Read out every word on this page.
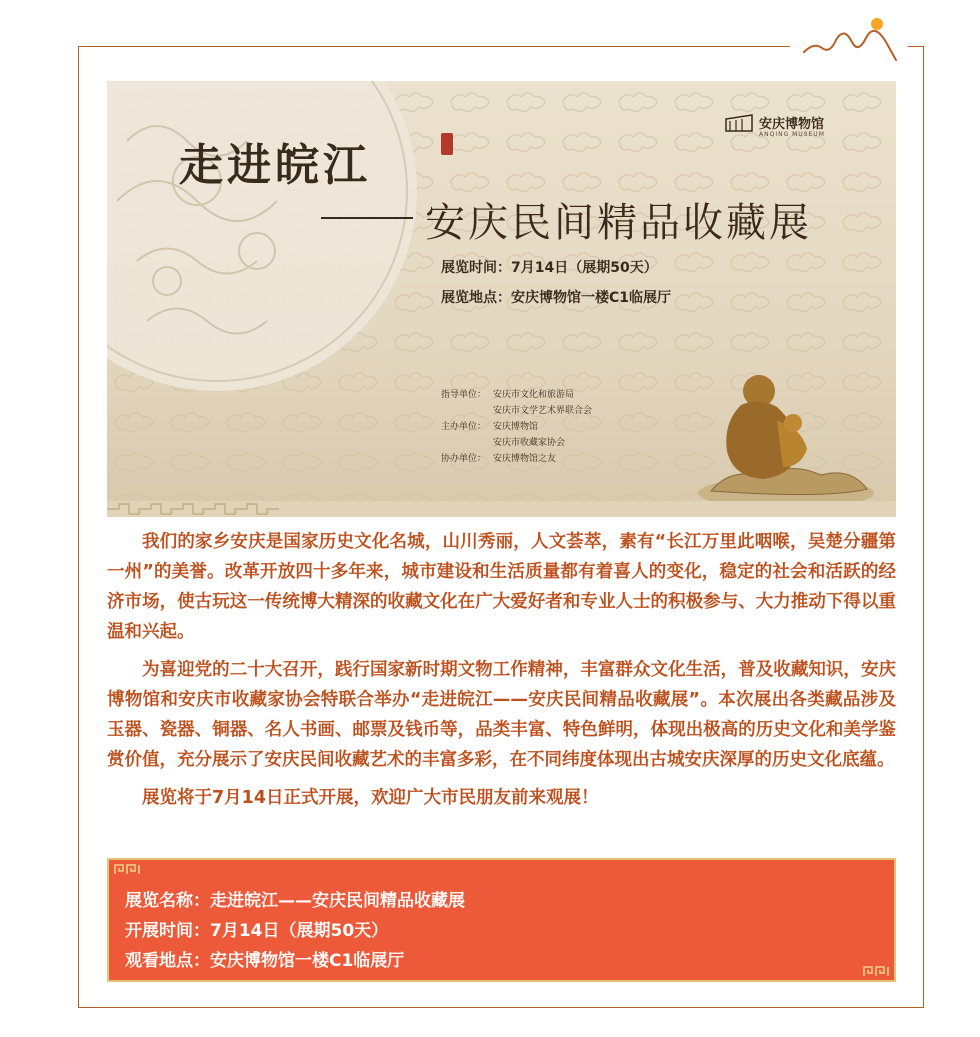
走进皖江
安庆民间精品收藏展
展览时间：7月14日（展期50天）
展览地点：安庆博物馆一楼C1临展厅
指导单位： 安庆市文化和旅游局
安庆市文学艺术界联合会
主办单位： 安庆博物馆
安庆市收藏家协会
协办单位： 安庆博物馆之友
安庆博物馆
ANQING MUSEUM

我们的家乡安庆是国家历史文化名城，山川秀丽，人文荟萃，素有“长江万里此咽喉，吴楚分疆第一州”的美誉。改革开放四十多年来，城市建设和生活质量都有着喜人的变化，稳定的社会和活跃的经济市场，使古玩这一传统博大精深的收藏文化在广大爱好者和专业人士的积极参与、大力推动下得以重温和兴起。

为喜迎党的二十大召开，践行国家新时期文物工作精神，丰富群众文化生活，普及收藏知识，安庆博物馆和安庆市收藏家协会特联合举办“走进皖江——安庆民间精品收藏展”。本次展出各类藏品涉及玉器、瓷器、铜器、名人书画、邮票及钱币等，品类丰富、特色鲜明，体现出极高的历史文化和美学鉴赏价值，充分展示了安庆民间收藏艺术的丰富多彩，在不同纬度体现出古城安庆深厚的历史文化底蕴。

展览将于7月14日正式开展，欢迎广大市民朋友前来观展！

展览名称：走进皖江——安庆民间精品收藏展
开展时间：7月14日（展期50天）
观看地点：安庆博物馆一楼C1临展厅
